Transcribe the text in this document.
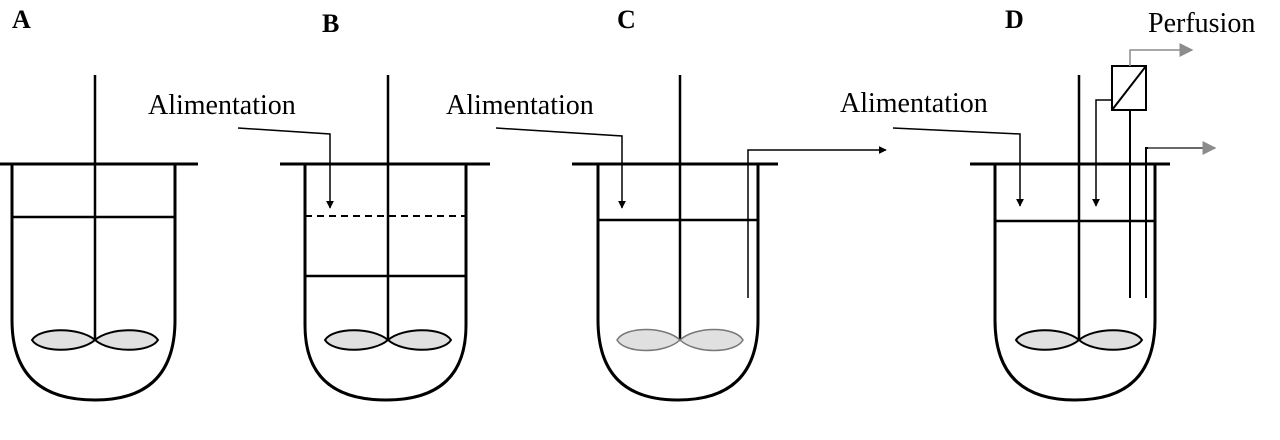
A	B
Alimentation
C
Alimentation
D
Alimentation
Perfusion
